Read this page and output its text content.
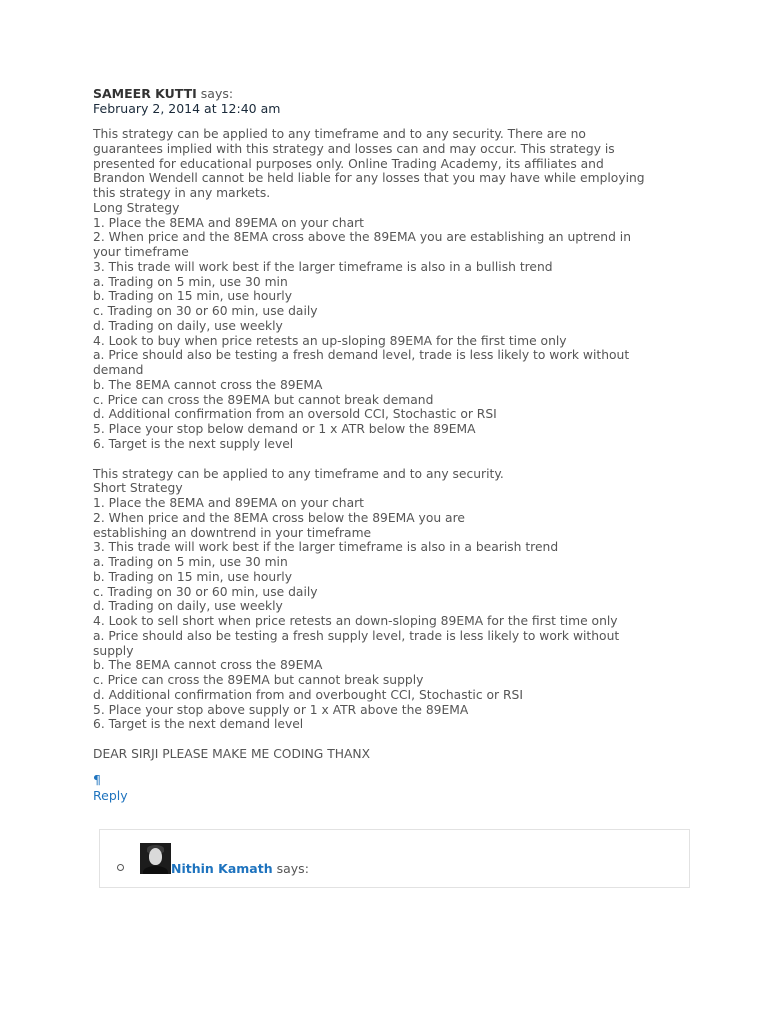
SAMEER KUTTI says:
February 2, 2014 at 12:40 am

This strategy can be applied to any timeframe and to any security. There are no
guarantees implied with this strategy and losses can and may occur. This strategy is
presented for educational purposes only. Online Trading Academy, its affiliates and
Brandon Wendell cannot be held liable for any losses that you may have while employing
this strategy in any markets.
Long Strategy
1. Place the 8EMA and 89EMA on your chart
2. When price and the 8EMA cross above the 89EMA you are establishing an uptrend in
your timeframe
3. This trade will work best if the larger timeframe is also in a bullish trend
a. Trading on 5 min, use 30 min
b. Trading on 15 min, use hourly
c. Trading on 30 or 60 min, use daily
d. Trading on daily, use weekly
4. Look to buy when price retests an up-sloping 89EMA for the first time only
a. Price should also be testing a fresh demand level, trade is less likely to work without
demand
b. The 8EMA cannot cross the 89EMA
c. Price can cross the 89EMA but cannot break demand
d. Additional confirmation from an oversold CCI, Stochastic or RSI
5. Place your stop below demand or 1 x ATR below the 89EMA
6. Target is the next supply level

This strategy can be applied to any timeframe and to any security.
Short Strategy
1. Place the 8EMA and 89EMA on your chart
2. When price and the 8EMA cross below the 89EMA you are
establishing an downtrend in your timeframe
3. This trade will work best if the larger timeframe is also in a bearish trend
a. Trading on 5 min, use 30 min
b. Trading on 15 min, use hourly
c. Trading on 30 or 60 min, use daily
d. Trading on daily, use weekly
4. Look to sell short when price retests an down-sloping 89EMA for the first time only
a. Price should also be testing a fresh supply level, trade is less likely to work without
supply
b. The 8EMA cannot cross the 89EMA
c. Price can cross the 89EMA but cannot break supply
d. Additional confirmation from and overbought CCI, Stochastic or RSI
5. Place your stop above supply or 1 x ATR above the 89EMA
6. Target is the next demand level

DEAR SIRJI PLEASE MAKE ME CODING THANX

¶
Reply
Nithin Kamath says:
